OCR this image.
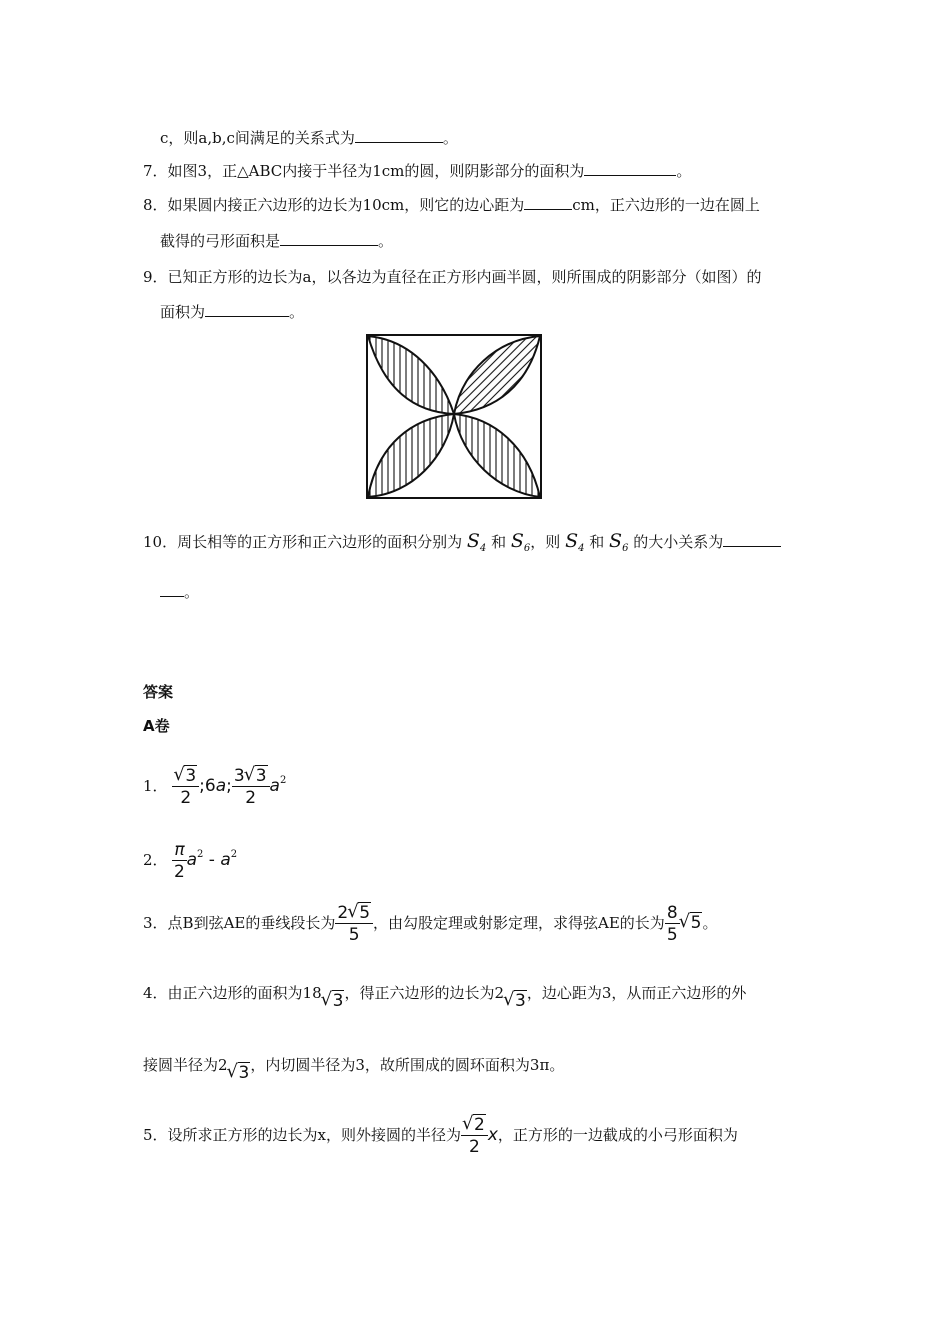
c，则a,b,c间满足的关系式为	。
7．如图3，正△ABC内接于半径为1cm的圆，则阴影部分的面积为	。
8．如果圆内接正六边形的边长为10cm，则它的边心距为	cm，正六边形的一边在圆上
截得的弓形面积是	。
9．已知正方形的边长为a，以各边为直径在正方形内画半圆，则所围成的阴影部分（如图）的
面积为	。
10．周长相等的正方形和正六边形的面积分别为 $S_4$ 和 $S_6$，则 $S_4$ 和 $S_6$ 的大小关系为
。
答案
A卷
1． √ $\frac{3}{2}$ ;6a; $\frac{3 √ 3}{2} a^2$
2． $\frac{\pi}{2} a^2 - a^2$
3．点B到弦AE的垂线段长为 $\frac{2 √ 5}{5}$ ，由勾股定理或射影定理，求得弦AE的长为 $\frac{8}{5}$ √ 5。
4．由正六边形的面积为18 √ 3，得正六边形的边长为2 √ 3，边心距为3，从而正六边形的外
接圆半径为2 √ 3，内切圆半径为3，故所围成的圆环面积为3π。
5．设所求正方形的边长为x，则外接圆的半径为 √ $\frac{2}{2}$ x，正方形的一边截成的小弓形面积为
